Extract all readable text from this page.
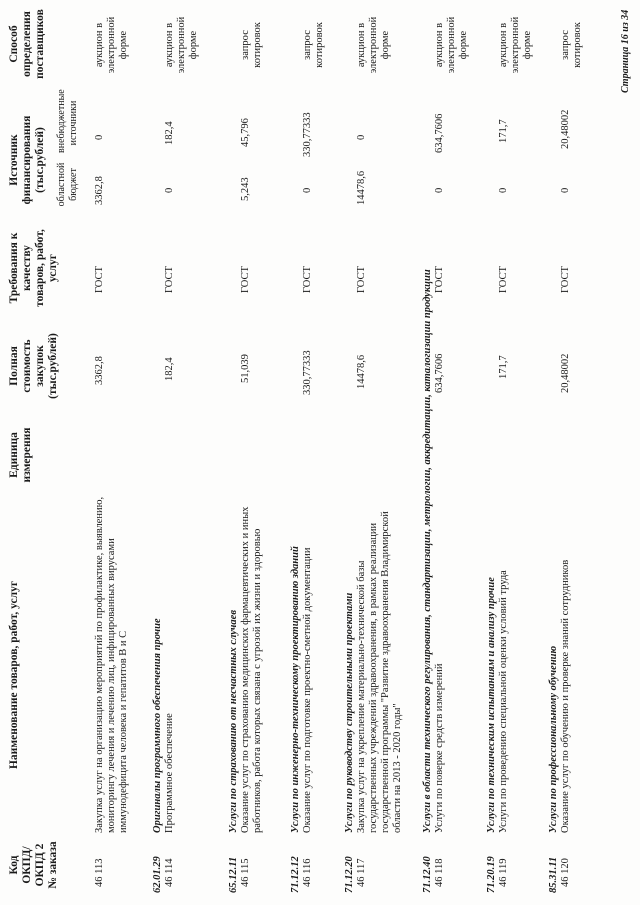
Код ОКПД/ ОКПД 2 № заказа
Наименование товаров, работ, услуг
Единица измерения
Полная стоимость закупок (тыс.рублей)
Требования к качеству товаров, работ, услуг
Источник финансирования (тыс.рублей) областной бюджет
внебюджетные источники
Способ определения поставщиков
46 113
Закупка услуг на организацию мероприятий по профилактике, выявлению, мониторингу лечения и лечению лиц, инфицированных вирусами иммунодефицита человека и гепатитов В и С
3362,8
ГОСТ
3362,8
0
аукцион в электронной форме
62.01.29
Оригиналы программного обеспечения прочие
46 114
Программное обеспечение
182,4
ГОСТ
0
182,4
аукцион в электронной форме
65.12.11
Услуги по страхованию от несчастных случаев
46 115
Оказание услуг по страхованию медицинских фармацевтических и иных работников, работа которых связана с угрозой их жизни и здоровью
51,039
ГОСТ
5,243
45,796
запрос котировок
71.12.12
Услуги по инженерно-техническому проектированию зданий
46 116
Оказание услуг по подготовке проектно-сметной документации
330,77333
ГОСТ
0
330,77333
запрос котировок
71.12.20
Услуги по руководству строительными проектами
46 117
Закупка услуг на укрепление материально-технической базы государственных учреждений здравоохранения, в рамках реализации государственной программы "Развитие здравоохранения Владимирской области на 2013 - 2020 годы"
14478,6
ГОСТ
14478,6
0
аукцион в электронной форме
71.12.40
Услуги в области технического регулирования, стандартизации, метрологии, аккредитации, каталогизации продукции
46 118
Услуги по поверке средств измерений
634,7606
ГОСТ
0
634,7606
аукцион в электронной форме
71.20.19
Услуги по техническим испытаниям и анализу прочие
46 119
Услуги по проведению специальной оценки условий труда
171,7
ГОСТ
0
171,7
аукцион в электронной форме
85.31.11
Услуги по профессиональному обучению
46 120
Оказание услуг по обучению и проверке знаний сотрудников
20,48002
ГОСТ
0
20,48002
запрос котировок	Страница 16 из 34
